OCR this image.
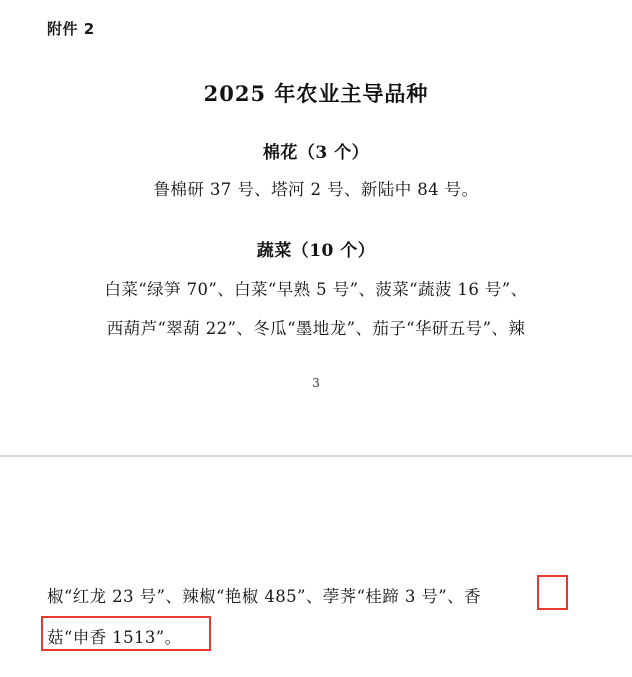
附件 2
2025 年农业主导品种
棉花（3 个）
鲁棉研 37 号、塔河 2 号、新陆中 84 号。
蔬菜（10 个）
白菜“绿笋 70”、白菜“早熟 5 号”、菠菜“蔬菠 16 号”、
西葫芦“翠葫 22”、冬瓜“墨地龙”、茄子“华研五号”、辣
3
椒“红龙 23 号”、辣椒“艳椒 485”、荸荠“桂蹄 3 号”、香
菇“申香 1513”。
